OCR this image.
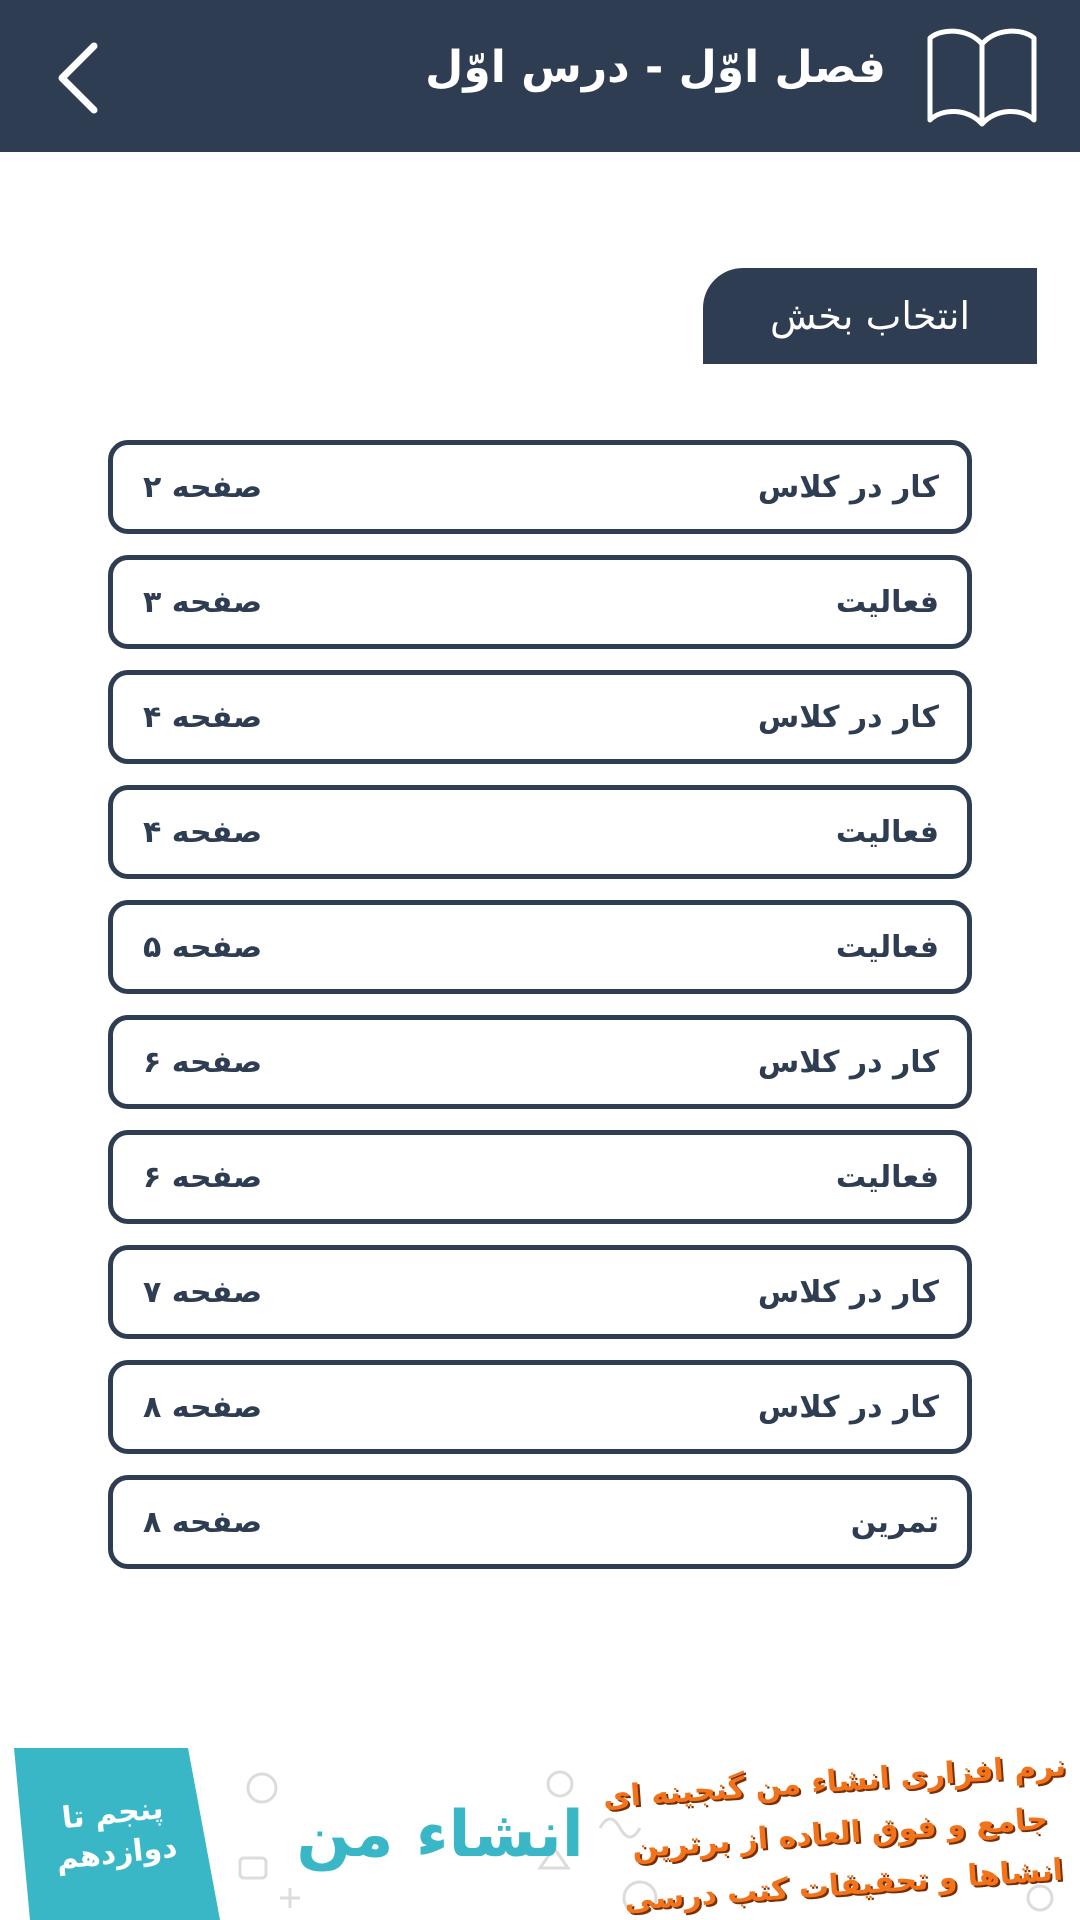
فصل اوّل - درس اوّل
انتخاب بخش
کار در کلاس
صفحه ۲
فعالیت
صفحه ۳
کار در کلاس
صفحه ۴
فعالیت
صفحه ۴
فعالیت
صفحه ۵
کار در کلاس
صفحه ۶
فعالیت
صفحه ۶
کار در کلاس
صفحه ۷
کار در کلاس
صفحه ۸
تمرین
صفحه ۸
پنجم تا
دوازدهم انشاء من
نرم افزاری انشاء من گنجینه ای
جامع و فوق العاده از برترین
انشاها و تحقیقات کتب درسی
